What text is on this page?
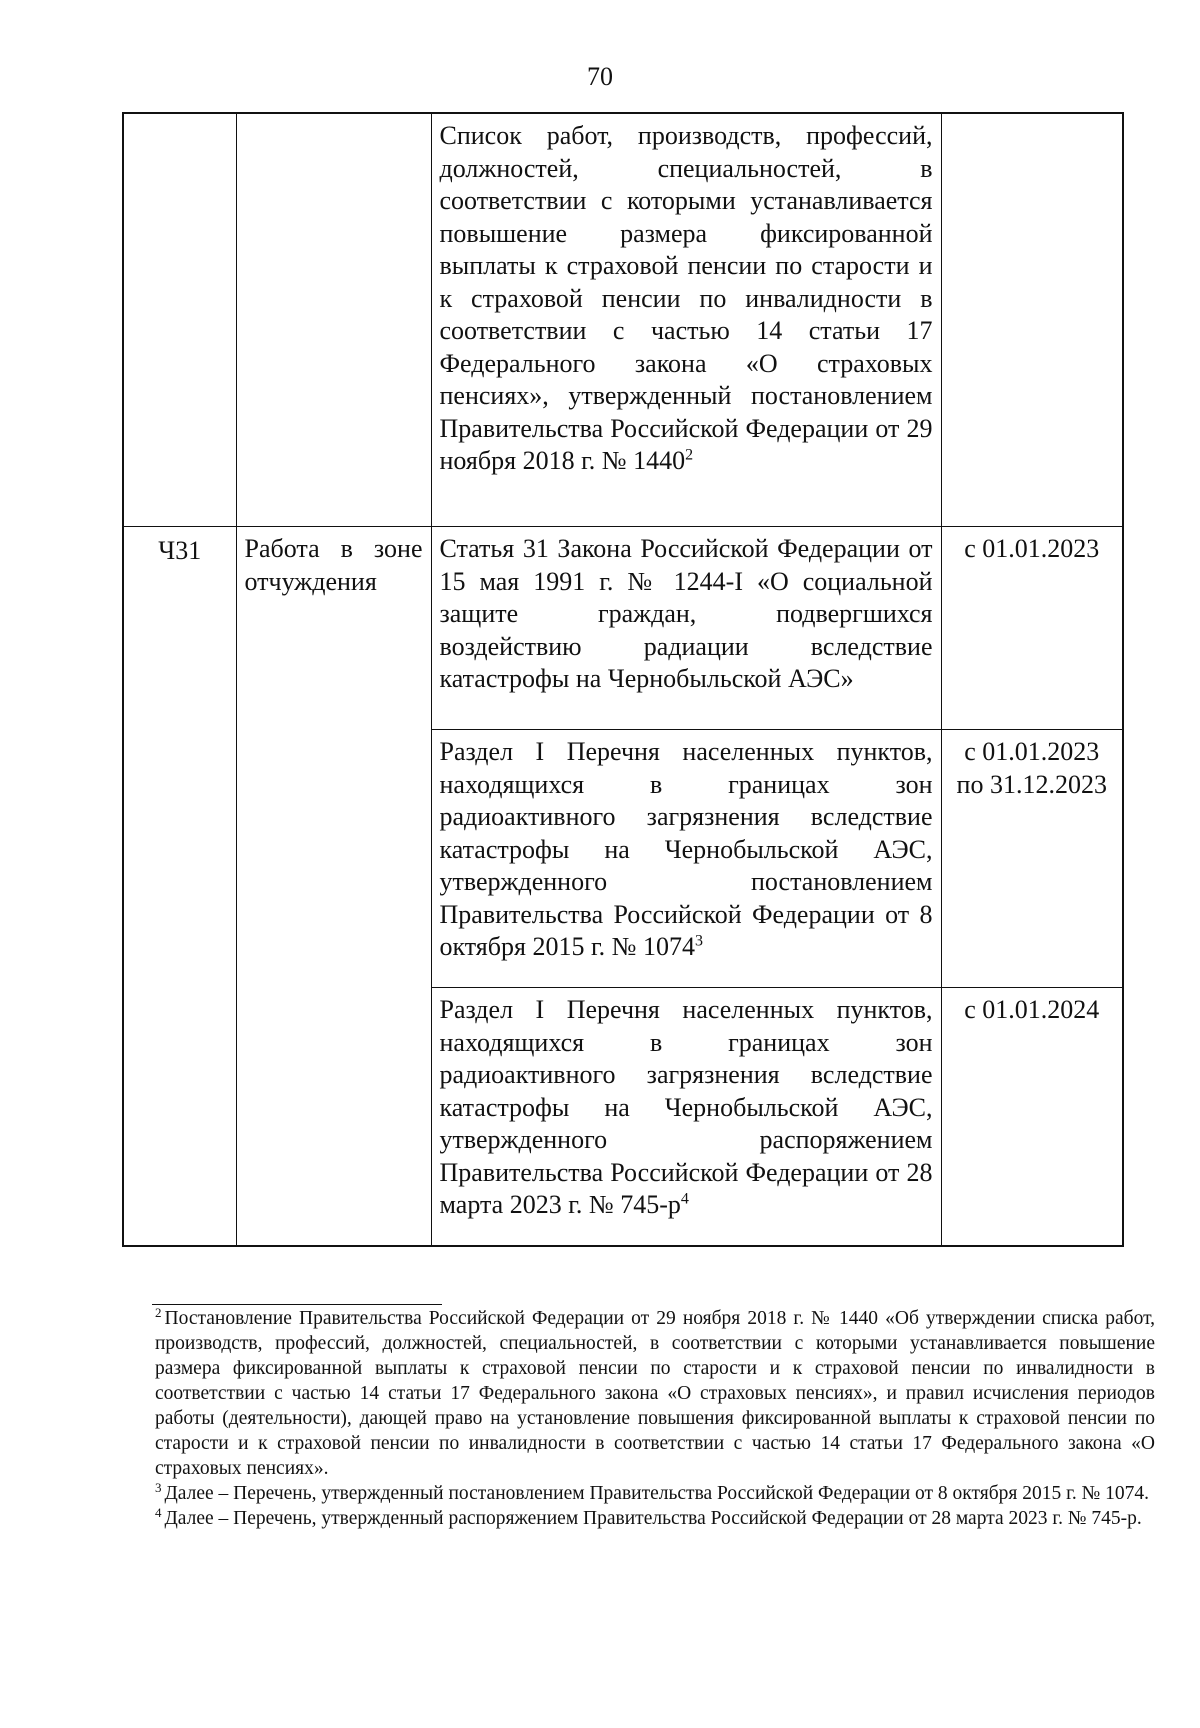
70
		Список работ, производств, профессий, должностей, специальностей, в соответствии с которыми устанавливается повышение размера фиксированной выплаты к страховой пенсии по старости и к страховой пенсии по инвалидности в соответствии с частью 14 статьи 17 Федерального закона «О страховых пенсиях», утвержденный постановлением Правительства Российской Федерации от 29 ноября 2018 г. № 1440$^2$	
Ч31	Работа в зоне отчуждения	Статья 31 Закона Российской Федерации от 15 мая 1991 г. № 1244-I «О социальной защите граждан, подвергшихся воздействию радиации вследствие катастрофы на Чернобыльской АЭС»	с 01.01.2023
		Раздел I Перечня населенных пунктов, находящихся в границах зон радиоактивного загрязнения вследствие катастрофы на Чернобыльской АЭС, утвержденного постановлением Правительства Российской Федерации от 8 октября 2015 г. № 1074$^3$	с 01.01.2023 по 31.12.2023
		Раздел I Перечня населенных пунктов, находящихся в границах зон радиоактивного загрязнения вследствие катастрофы на Чернобыльской АЭС, утвержденного распоряжением Правительства Российской Федерации от 28 марта 2023 г. № 745-р$^4$	с 01.01.2024

$^2$ Постановление Правительства Российской Федерации от 29 ноября 2018 г. № 1440 «Об утверждении списка работ, производств, профессий, должностей, специальностей, в соответствии с которыми устанавливается повышение размера фиксированной выплаты к страховой пенсии по старости и к страховой пенсии по инвалидности в соответствии с частью 14 статьи 17 Федерального закона «О страховых пенсиях», и правил исчисления периодов работы (деятельности), дающей право на установление повышения фиксированной выплаты к страховой пенсии по старости и к страховой пенсии по инвалидности в соответствии с частью 14 статьи 17 Федерального закона «О страховых пенсиях».

$^3$ Далее – Перечень, утвержденный постановлением Правительства Российской Федерации от 8 октября 2015 г. № 1074.

$^4$ Далее – Перечень, утвержденный распоряжением Правительства Российской Федерации от 28 марта 2023 г. № 745-р.
